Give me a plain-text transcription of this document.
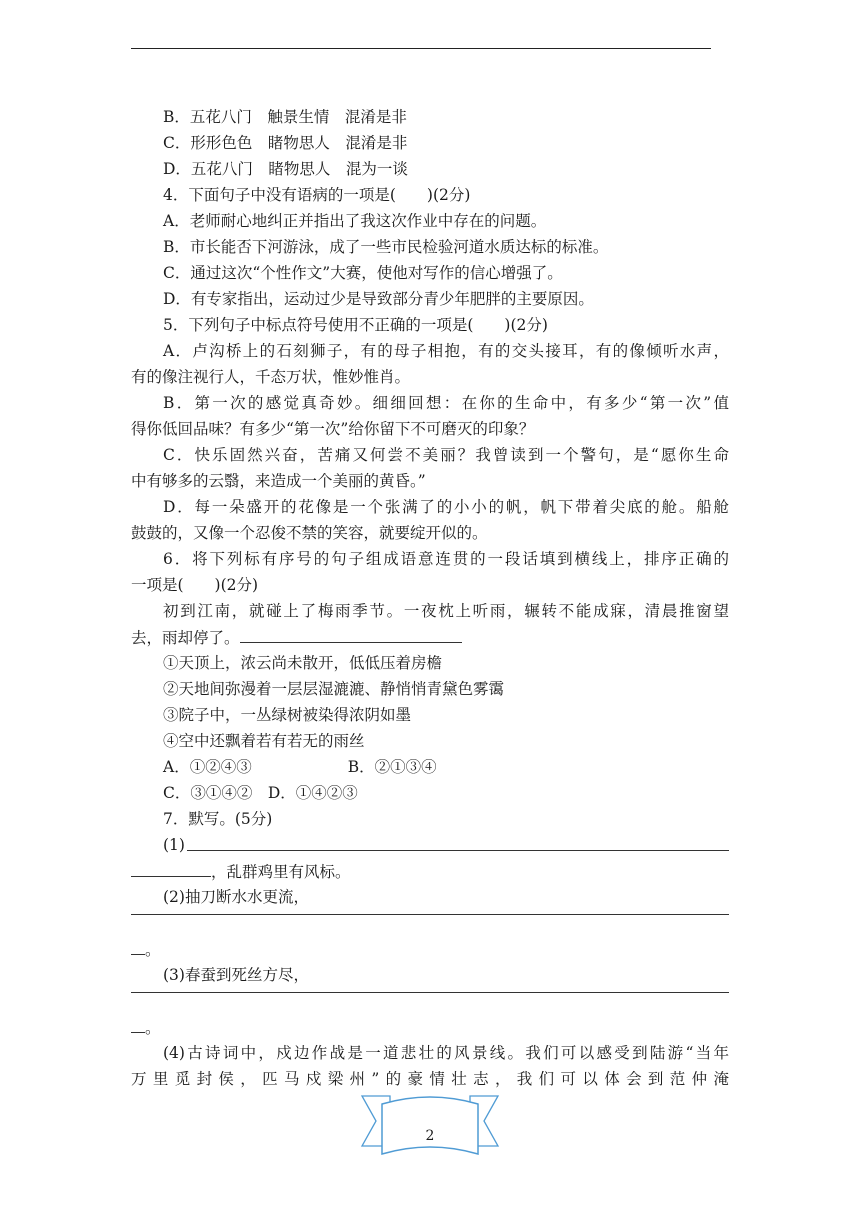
B．五花八门　触景生情　混淆是非
C．形形色色　睹物思人　混淆是非
D．五花八门　睹物思人　混为一谈
4．下面句子中没有语病的一项是(　　)(2分)
A．老师耐心地纠正并指出了我这次作业中存在的问题。
B．市长能否下河游泳，成了一些市民检验河道水质达标的标准。
C．通过这次“个性作文”大赛，使他对写作的信心增强了。
D．有专家指出，运动过少是导致部分青少年肥胖的主要原因。
5．下列句子中标点符号使用不正确的一项是(　　)(2分)
A．卢沟桥上的石刻狮子，有的母子相抱，有的交头接耳，有的像倾听水声，
有的像注视行人，千态万状，惟妙惟肖。
B．第一次的感觉真奇妙。细细回想：在你的生命中，有多少“第一次”值
得你低回品味？有多少“第一次”给你留下不可磨灭的印象？
C．快乐固然兴奋，苦痛又何尝不美丽？我曾读到一个警句，是“愿你生命
中有够多的云翳，来造成一个美丽的黄昏。”
D．每一朵盛开的花像是一个张满了的小小的帆，帆下带着尖底的舱。船舱
鼓鼓的，又像一个忍俊不禁的笑容，就要绽开似的。
6．将下列标有序号的句子组成语意连贯的一段话填到横线上，排序正确的
一项是(　　)(2分)
初到江南，就碰上了梅雨季节。一夜枕上听雨，辗转不能成寐，清晨推窗望
去，雨却停了。
①天顶上，浓云尚未散开，低低压着房檐
②天地间弥漫着一层层湿漉漉、静悄悄青黛色雾霭
③院子中，一丛绿树被染得浓阴如墨
④空中还飘着若有若无的雨丝
A．①②④③	B．②①③④
C．③①④②　D．①④②③
7．默写。(5分)
(1)
，乱群鸡里有风标。
(2)抽刀断水水更流，
。
(3)春蚕到死丝方尽，
。
(4)古诗词中，戍边作战是一道悲壮的风景线。我们可以感受到陆游“当年
万里觅封侯，匹马戍梁州”的豪情壮志，我们可以体会到范仲淹
2
